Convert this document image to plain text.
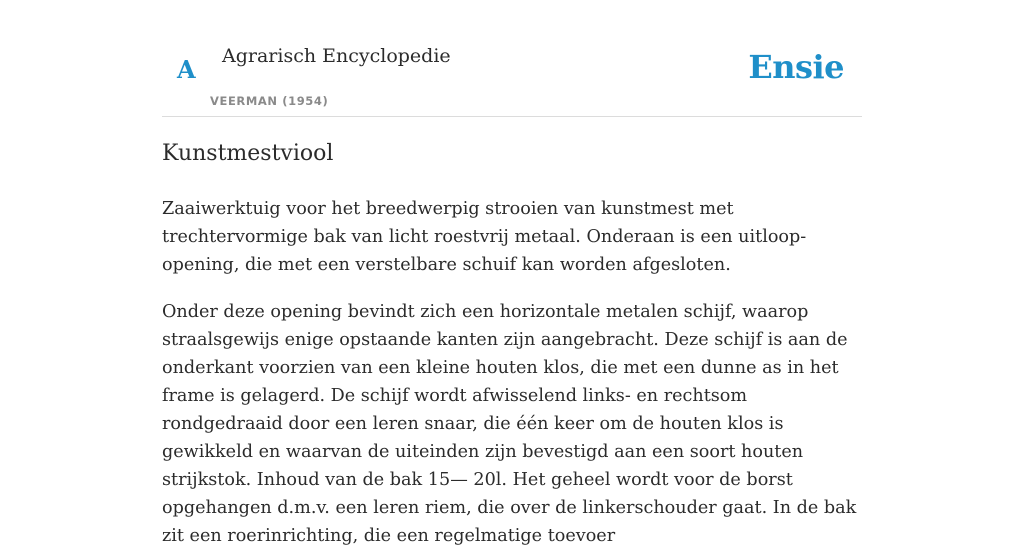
A Agrarisch Encyclopedie
VEERMAN (1954)
Ensie
Kunstmestviool

Zaaiwerktuig voor het breedwerpig strooien van kunstmest met trechtervormige bak van licht roestvrij metaal. Onderaan is een uitloop-opening, die met een verstelbare schuif kan worden afgesloten.

Onder deze opening bevindt zich een horizontale metalen schijf, waarop straalsgewijs enige opstaande kanten zijn aangebracht. Deze schijf is aan de onderkant voorzien van een kleine houten klos, die met een dunne as in het frame is gelagerd. De schijf wordt afwisselend links- en rechtsom rondgedraaid door een leren snaar, die één keer om de houten klos is gewikkeld en waarvan de uiteinden zijn bevestigd aan een soort houten strijkstok. Inhoud van de bak 15— 20l. Het geheel wordt voor de borst opgehangen d.m.v. een leren riem, die over de linkerschouder gaat. In de bak zit een roerinrichting, die een regelmatige toevoer
